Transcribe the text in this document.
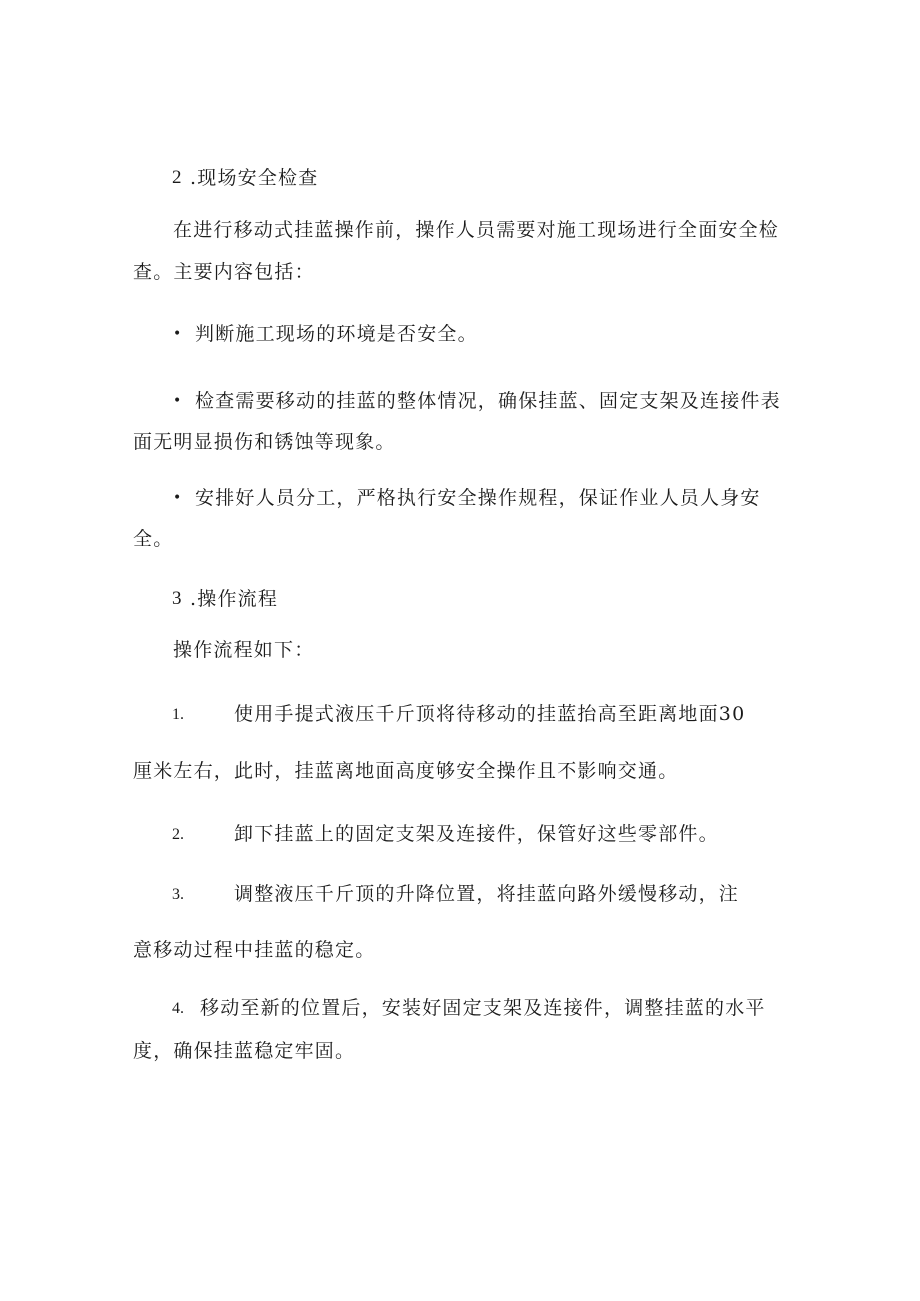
2 .现场安全检查
在进行移动式挂蓝操作前，操作人员需要对施工现场进行全面安全检
查。主要内容包括：
• 判断施工现场的环境是否安全。
• 检查需要移动的挂蓝的整体情况，确保挂蓝、固定支架及连接件表
面无明显损伤和锈蚀等现象。
• 安排好人员分工，严格执行安全操作规程，保证作业人员人身安
全。
3 .操作流程
操作流程如下：
1.	使用手提式液压千斤顶将待移动的挂蓝抬高至距离地面30
厘米左右，此时，挂蓝离地面高度够安全操作且不影响交通。
2.	卸下挂蓝上的固定支架及连接件，保管好这些零部件。
3.	调整液压千斤顶的升降位置，将挂蓝向路外缓慢移动，注
意移动过程中挂蓝的稳定。
4. 移动至新的位置后，安装好固定支架及连接件，调整挂蓝的水平
度，确保挂蓝稳定牢固。
